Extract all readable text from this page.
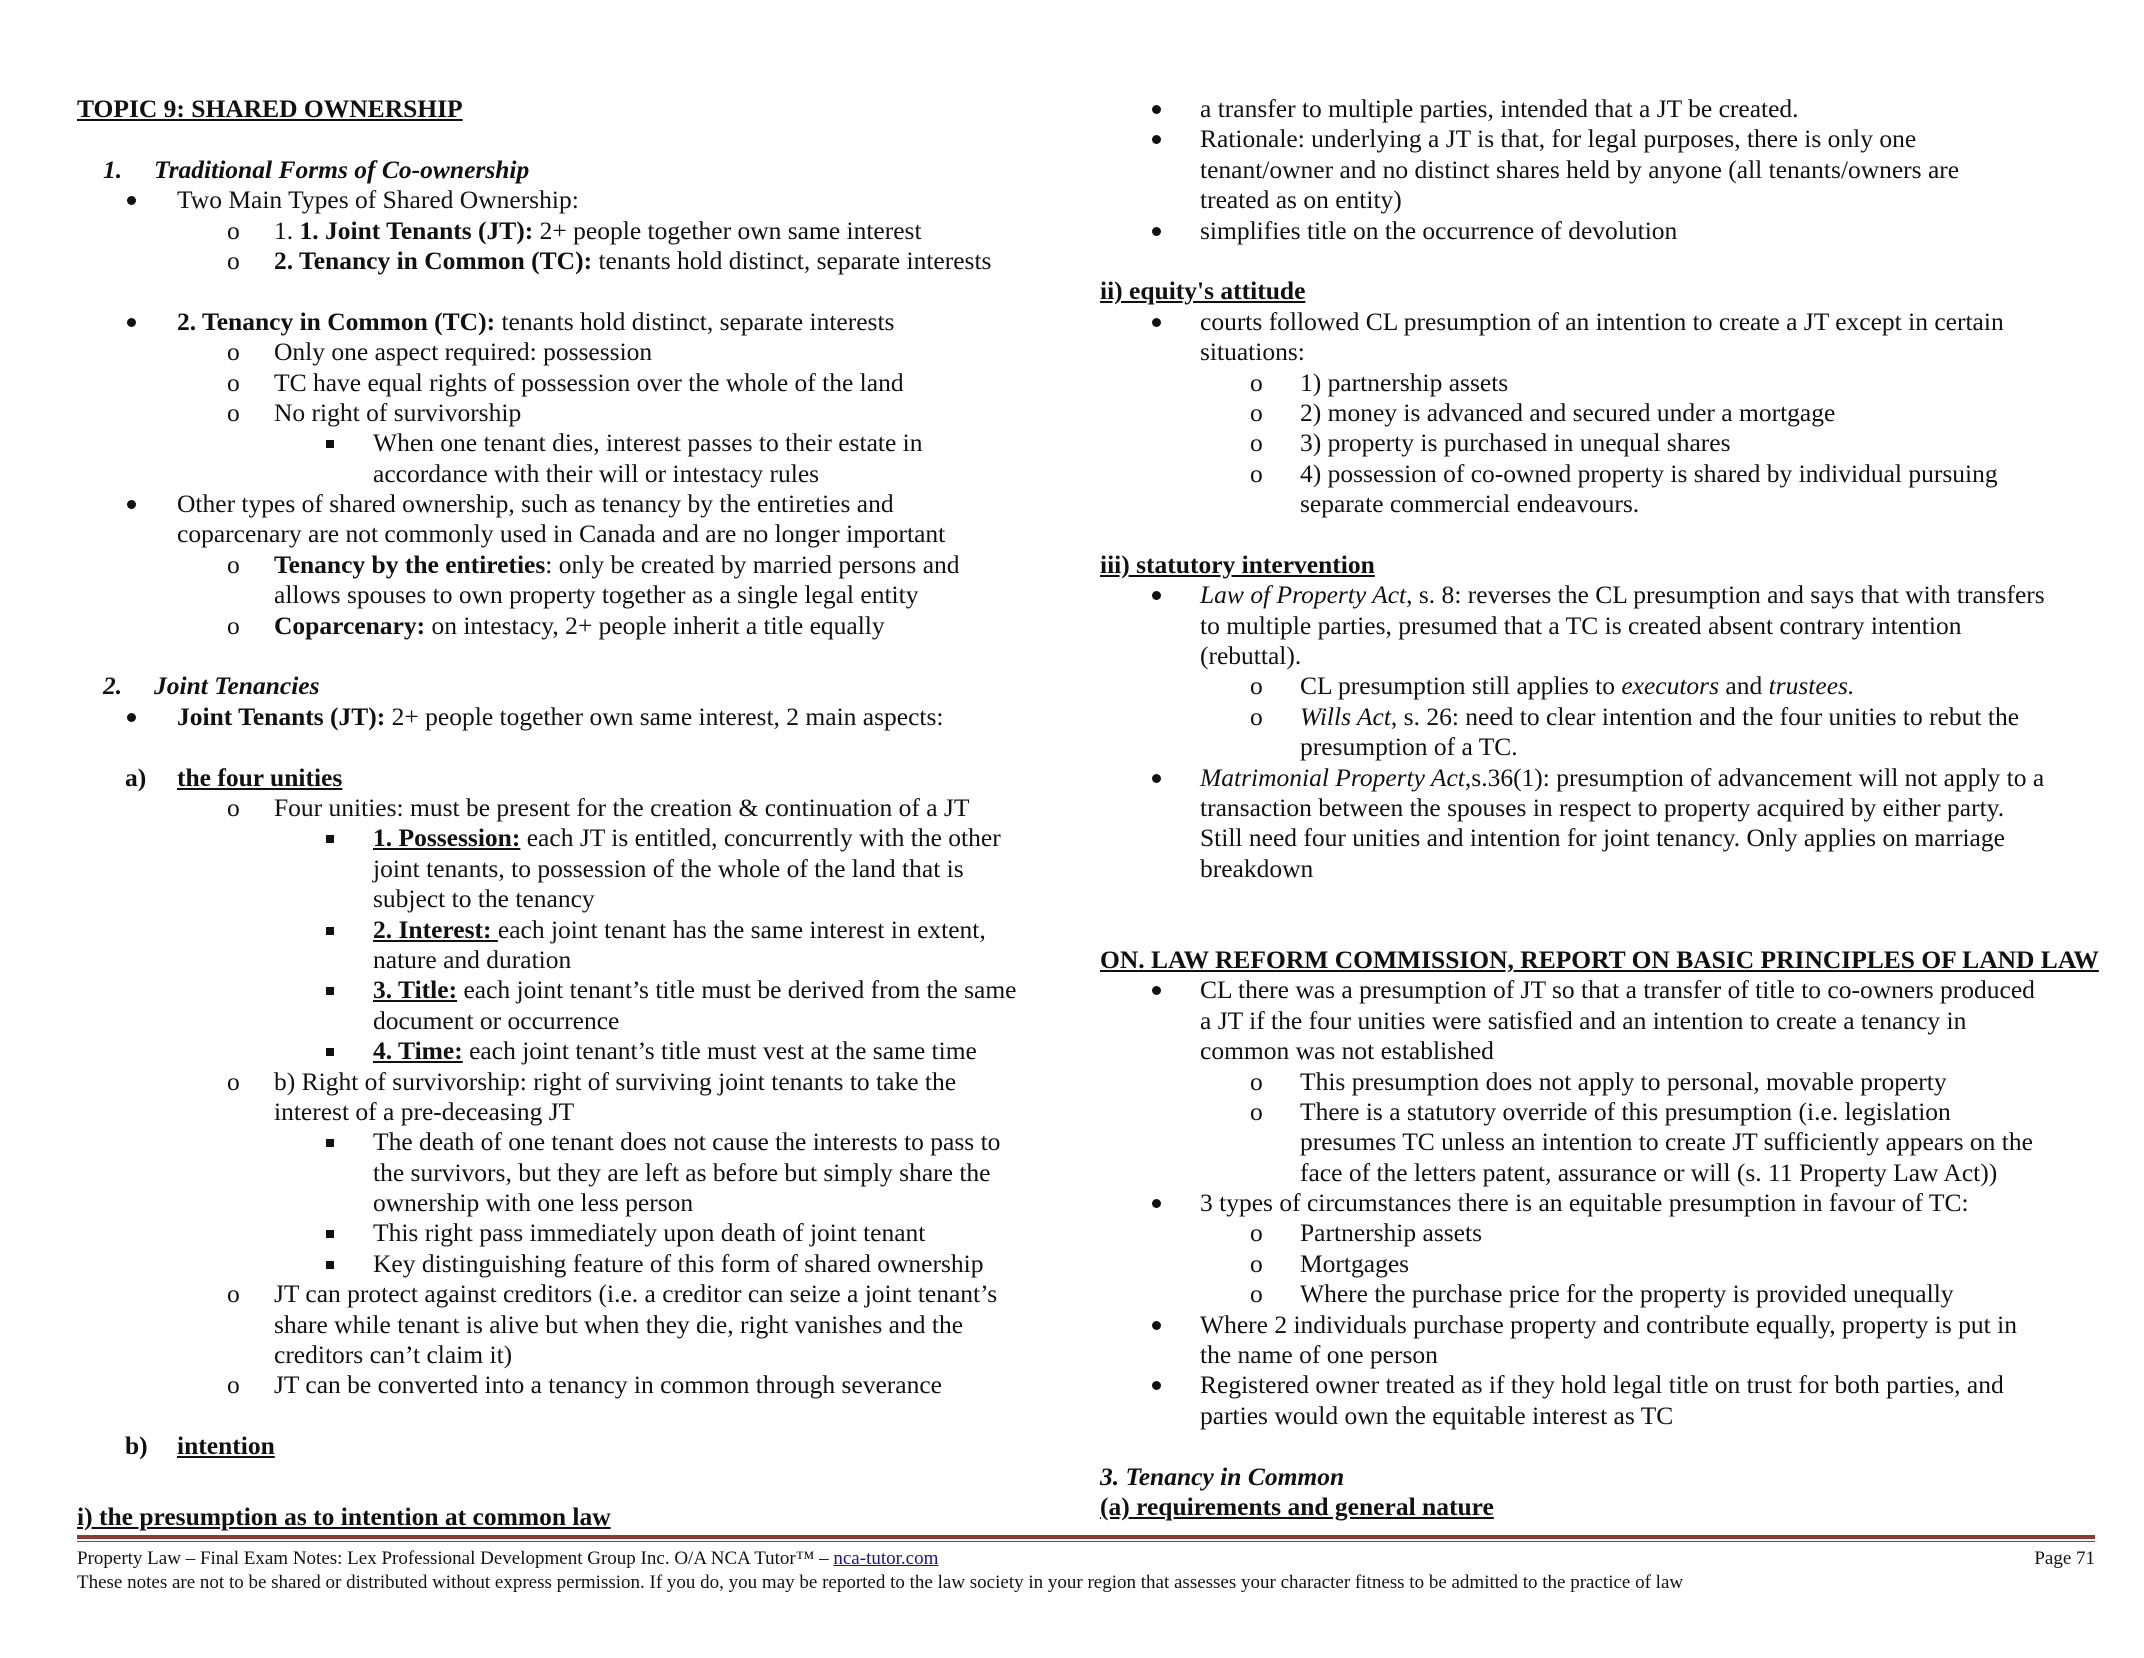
TOPIC 9: SHARED OWNERSHIP
1. Traditional Forms of Co-ownership
Two Main Types of Shared Ownership:
o 1. 1. Joint Tenants (JT): 2+ people together own same interest
o 2. Tenancy in Common (TC): tenants hold distinct, separate interests
2. Tenancy in Common (TC): tenants hold distinct, separate interests
o Only one aspect required: possession
o TC have equal rights of possession over the whole of the land
o No right of survivorship
When one tenant dies, interest passes to their estate in
accordance with their will or intestacy rules
Other types of shared ownership, such as tenancy by the entireties and
coparcenary are not commonly used in Canada and are no longer important
o Tenancy by the entireties: only be created by married persons and
allows spouses to own property together as a single legal entity
o Coparcenary: on intestacy, 2+ people inherit a title equally
2. Joint Tenancies
Joint Tenants (JT): 2+ people together own same interest, 2 main aspects:
a) the four unities
o Four unities: must be present for the creation & continuation of a JT
1. Possession: each JT is entitled, concurrently with the other
joint tenants, to possession of the whole of the land that is
subject to the tenancy
2. Interest: each joint tenant has the same interest in extent,
nature and duration
3. Title: each joint tenant’s title must be derived from the same
document or occurrence
4. Time: each joint tenant’s title must vest at the same time
o b) Right of survivorship: right of surviving joint tenants to take the
interest of a pre-deceasing JT
The death of one tenant does not cause the interests to pass to
the survivors, but they are left as before but simply share the
ownership with one less person
This right pass immediately upon death of joint tenant
Key distinguishing feature of this form of shared ownership
o JT can protect against creditors (i.e. a creditor can seize a joint tenant’s
share while tenant is alive but when they die, right vanishes and the
creditors can’t claim it)
o JT can be converted into a tenancy in common through severance
b) intention
i) the presumption as to intention at common law
a transfer to multiple parties, intended that a JT be created.
Rationale: underlying a JT is that, for legal purposes, there is only one
tenant/owner and no distinct shares held by anyone (all tenants/owners are
treated as on entity)
simplifies title on the occurrence of devolution
ii) equity's attitude
courts followed CL presumption of an intention to create a JT except in certain
situations:
o 1) partnership assets
o 2) money is advanced and secured under a mortgage
o 3) property is purchased in unequal shares
o 4) possession of co-owned property is shared by individual pursuing
separate commercial endeavours.
iii) statutory intervention
Law of Property Act, s. 8: reverses the CL presumption and says that with transfers
to multiple parties, presumed that a TC is created absent contrary intention
(rebuttal).
o CL presumption still applies to executors and trustees.
o Wills Act, s. 26: need to clear intention and the four unities to rebut the
presumption of a TC.
Matrimonial Property Act,s.36(1): presumption of advancement will not apply to a
transaction between the spouses in respect to property acquired by either party.
Still need four unities and intention for joint tenancy. Only applies on marriage
breakdown
ON. LAW REFORM COMMISSION, REPORT ON BASIC PRINCIPLES OF LAND LAW
CL there was a presumption of JT so that a transfer of title to co-owners produced
a JT if the four unities were satisfied and an intention to create a tenancy in
common was not established
o This presumption does not apply to personal, movable property
o There is a statutory override of this presumption (i.e. legislation
presumes TC unless an intention to create JT sufficiently appears on the
face of the letters patent, assurance or will (s. 11 Property Law Act))
3 types of circumstances there is an equitable presumption in favour of TC:
o Partnership assets
o Mortgages
o Where the purchase price for the property is provided unequally
Where 2 individuals purchase property and contribute equally, property is put in
the name of one person
Registered owner treated as if they hold legal title on trust for both parties, and
parties would own the equitable interest as TC
3. Tenancy in Common
(a) requirements and general nature
Property Law – Final Exam Notes: Lex Professional Development Group Inc. O/A NCA Tutor™ – nca-tutor.com	Page 71
These notes are not to be shared or distributed without express permission. If you do, you may be reported to the law society in your region that assesses your character fitness to be admitted to the practice of law
